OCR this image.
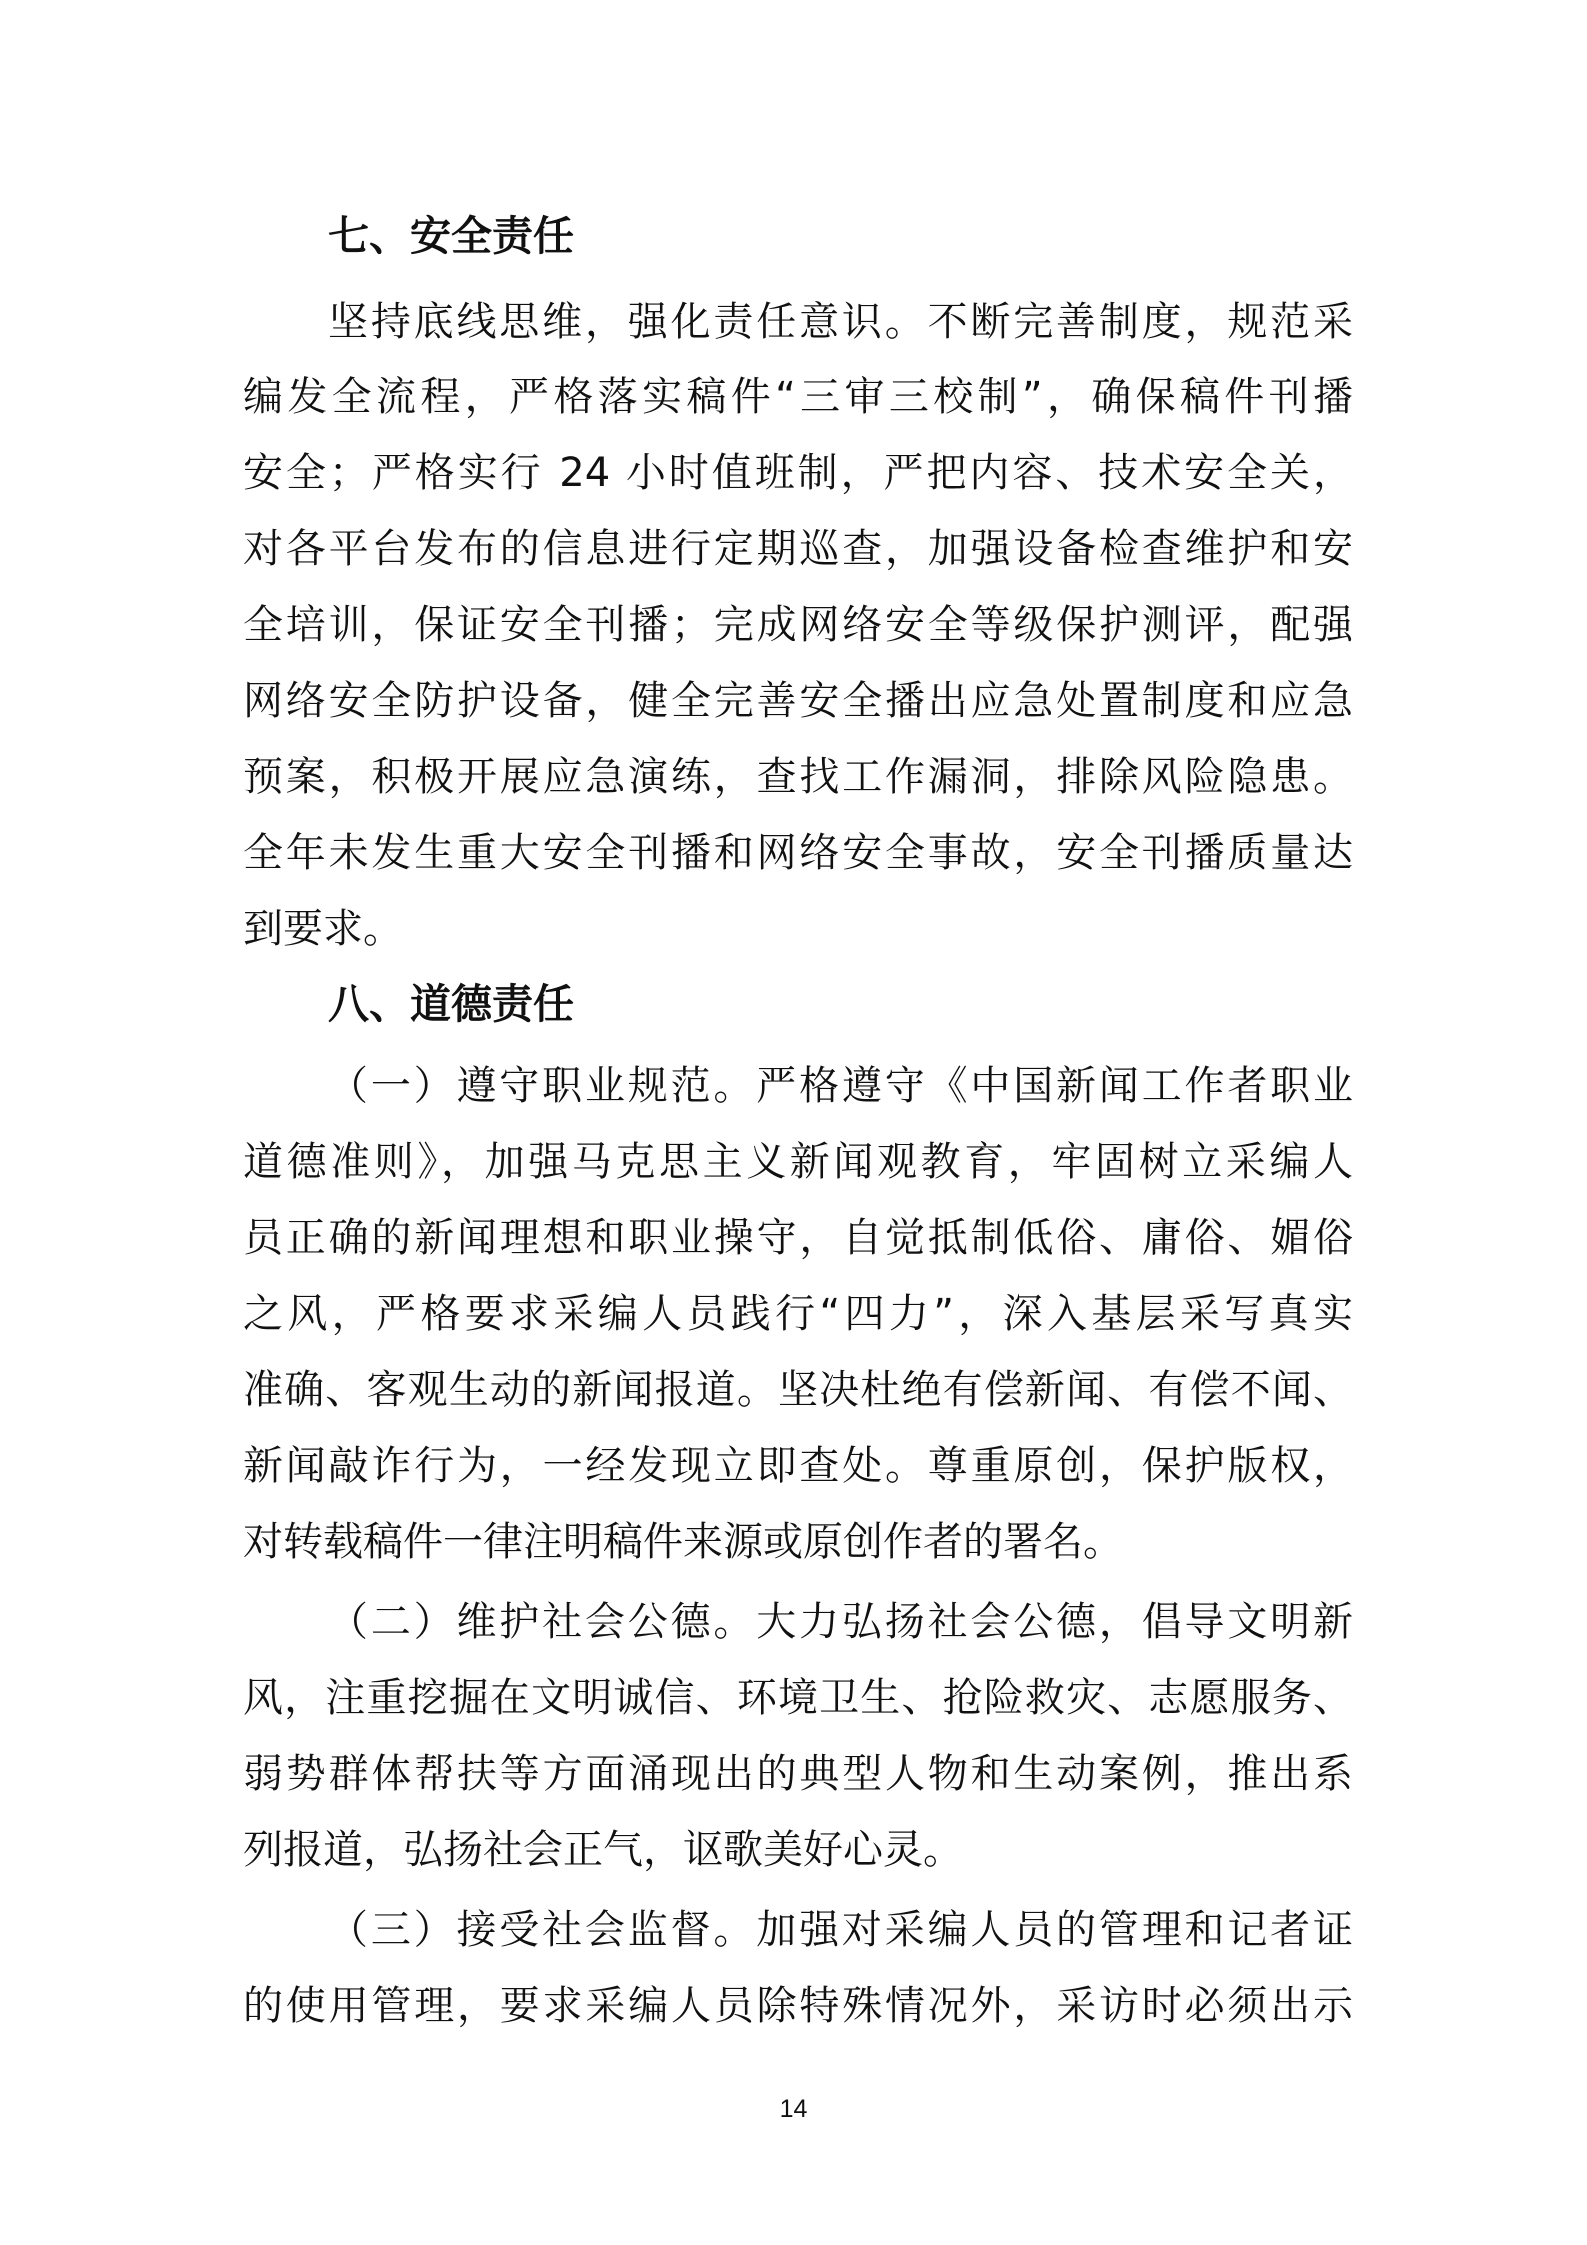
七、安全责任
坚持底线思维，强化责任意识。不断完善制度，规范采
编发全流程，严格落实稿件“三审三校制”，确保稿件刊播
安全；严格实行 24 小时值班制，严把内容、技术安全关，
对各平台发布的信息进行定期巡查，加强设备检查维护和安
全培训，保证安全刊播；完成网络安全等级保护测评，配强
网络安全防护设备，健全完善安全播出应急处置制度和应急
预案，积极开展应急演练，查找工作漏洞，排除风险隐患。
全年未发生重大安全刊播和网络安全事故，安全刊播质量达
到要求。
八、道德责任
（一）遵守职业规范。严格遵守《中国新闻工作者职业
道德准则》，加强马克思主义新闻观教育，牢固树立采编人
员正确的新闻理想和职业操守，自觉抵制低俗、庸俗、媚俗
之风，严格要求采编人员践行“四力”，深入基层采写真实
准确、客观生动的新闻报道。坚决杜绝有偿新闻、有偿不闻、
新闻敲诈行为，一经发现立即查处。尊重原创，保护版权，
对转载稿件一律注明稿件来源或原创作者的署名。
（二）维护社会公德。大力弘扬社会公德，倡导文明新
风，注重挖掘在文明诚信、环境卫生、抢险救灾、志愿服务、
弱势群体帮扶等方面涌现出的典型人物和生动案例，推出系
列报道，弘扬社会正气，讴歌美好心灵。
（三）接受社会监督。加强对采编人员的管理和记者证
的使用管理，要求采编人员除特殊情况外，采访时必须出示
14
